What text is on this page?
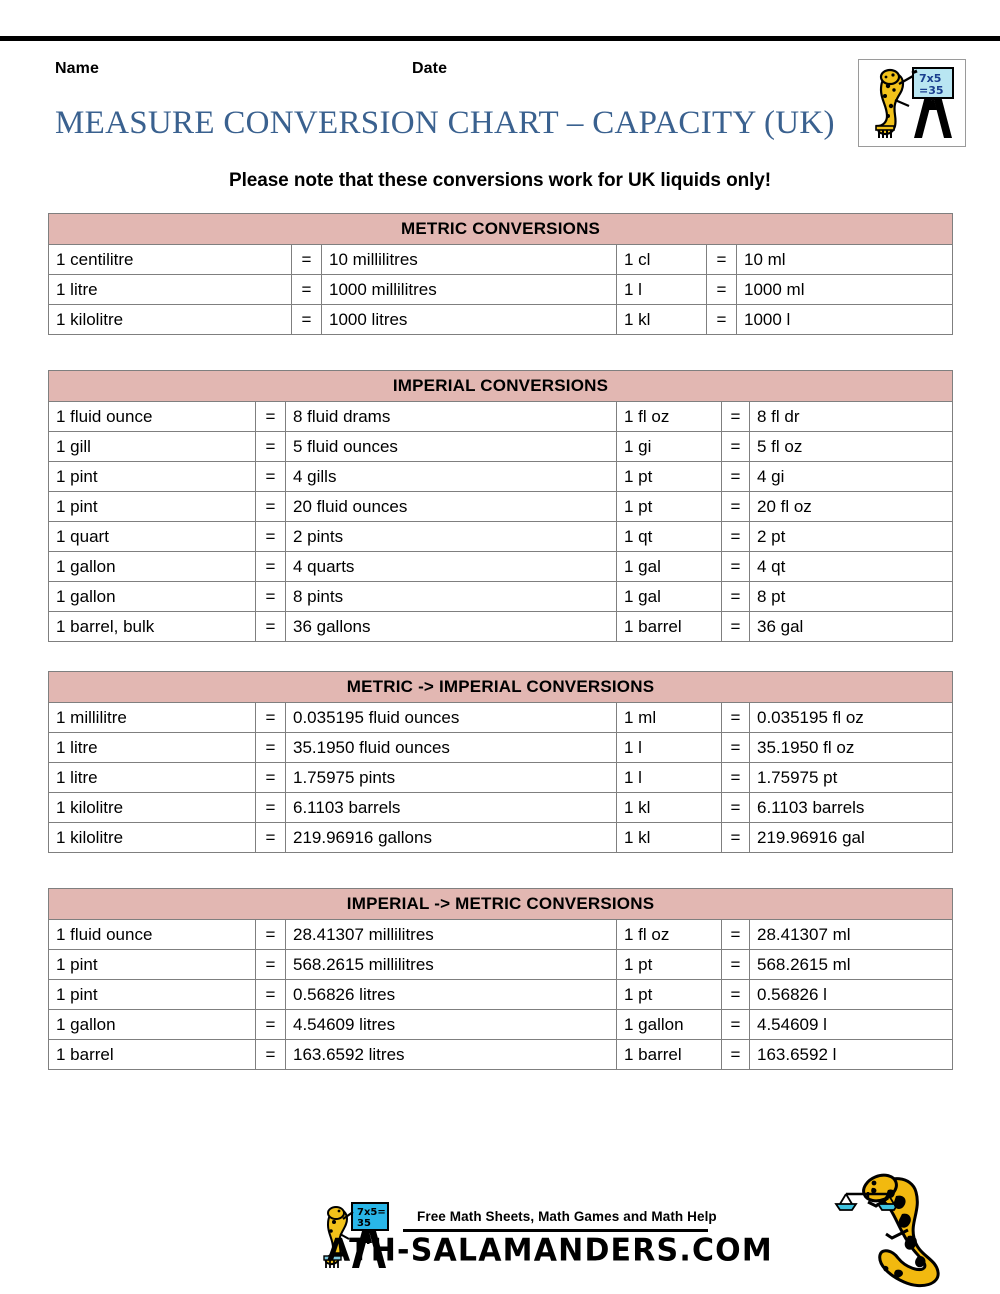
Name	Date
MEASURE CONVERSION CHART – CAPACITY (UK)
Please note that these conversions work for UK liquids only!
7x5
=35
METRIC CONVERSIONS					
1 centilitre	=	10 millilitres	1 cl	=	10 ml
1 litre	=	1000 millilitres	1 l	=	1000 ml
1 kilolitre	=	1000 litres	1 kl	=	1000 l
IMPERIAL CONVERSIONS					
1 fluid ounce	=	8 fluid drams	1 fl oz	=	8 fl dr
1 gill	=	5 fluid ounces	1 gi	=	5 fl oz
1 pint	=	4 gills	1 pt	=	4 gi
1 pint	=	20 fluid ounces	1 pt	=	20 fl oz
1 quart	=	2 pints	1 qt	=	2 pt
1 gallon	=	4 quarts	1 gal	=	4 qt
1 gallon	=	8 pints	1 gal	=	8 pt
1 barrel, bulk	=	36 gallons	1 barrel	=	36 gal
METRIC -> IMPERIAL CONVERSIONS					
1 millilitre	=	0.035195 fluid ounces	1 ml	=	0.035195 fl oz
1 litre	=	35.1950 fluid ounces	1 l	=	35.1950 fl oz
1 litre	=	1.75975 pints	1 l	=	1.75975 pt
1 kilolitre	=	6.1103 barrels	1 kl	=	6.1103 barrels
1 kilolitre	=	219.96916 gallons	1 kl	=	219.96916 gal
IMPERIAL -> METRIC CONVERSIONS					
1 fluid ounce	=	28.41307 millilitres	1 fl oz	=	28.41307 ml
1 pint	=	568.2615 millilitres	1 pt	=	568.2615 ml
1 pint	=	0.56826 litres	1 pt	=	0.56826 l
1 gallon	=	4.54609 litres	1 gallon	=	4.54609 l
1 barrel	=	163.6592 litres	1 barrel	=	163.6592 l
7x5=
35	Free Math Sheets, Math Games and Math Help
ATH-SALAMANDERS.COM
